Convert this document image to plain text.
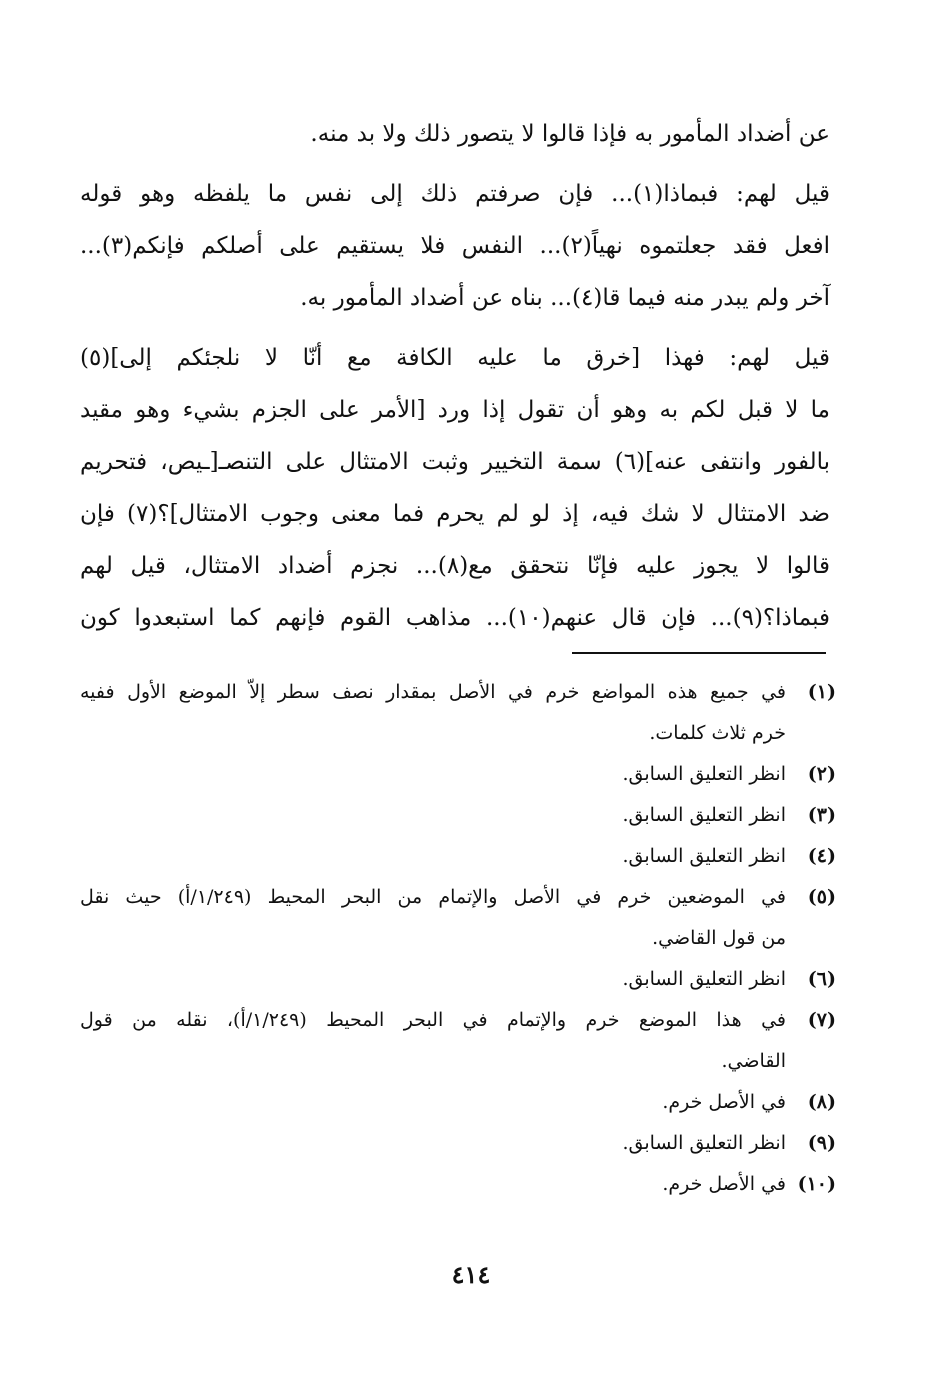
عن أضداد المأمور به فإذا قالوا لا يتصور ذلك ولا بد منه.
قيل لهم: فبماذا(١)... فإن صرفتم ذلك إلى نفس ما يلفظه وهو قوله
افعل فقد جعلتموه نهياً(٢)... النفس فلا يستقيم على أصلكم فإنكم(٣)...
آخر ولم يبدر منه فيما قا(٤)... بناه عن أضداد المأمور به.
قيل لهم: فهذا [خرق ما عليه الكافة مع أنّا لا نلجئكم إلى](٥)
ما لا قبل لكم به وهو أن تقول إذا ورد [الأمر على الجزم بشيء وهو مقيد
بالفور وانتفى عنه](٦) سمة التخيير وثبت الامتثال على التنصـ[ـيص، فتحريم
ضد الامتثال لا شك فيه، إذ لو لم يحرم فما معنى وجوب الامتثال]؟(٧) فإن
قالوا لا يجوز عليه فإنّا نتحقق مع(٨)... نجزم أضداد الامتثال، قيل لهم
فبماذا؟(٩)... فإن قال عنهم(١٠)... مذاهب القوم فإنهم كما استبعدوا كون
(١)
في جميع هذه المواضع خرم في الأصل بمقدار نصف سطر إلاّ الموضع الأول ففيه
خرم ثلاث كلمات.
(٢)
انظر التعليق السابق.
(٣)
انظر التعليق السابق.
(٤)
انظر التعليق السابق.
(٥)
في الموضعين خرم في الأصل والإتمام من البحر المحيط (١/٢٤٩/أ) حيث نقل
من قول القاضي.
(٦)
انظر التعليق السابق.
(٧)
في هذا الموضع خرم والإتمام في البحر المحيط (١/٢٤٩/أ)، نقله من قول
القاضي.
(٨)
في الأصل خرم.
(٩)
انظر التعليق السابق.
(١٠)
في الأصل خرم.
٤١٤
